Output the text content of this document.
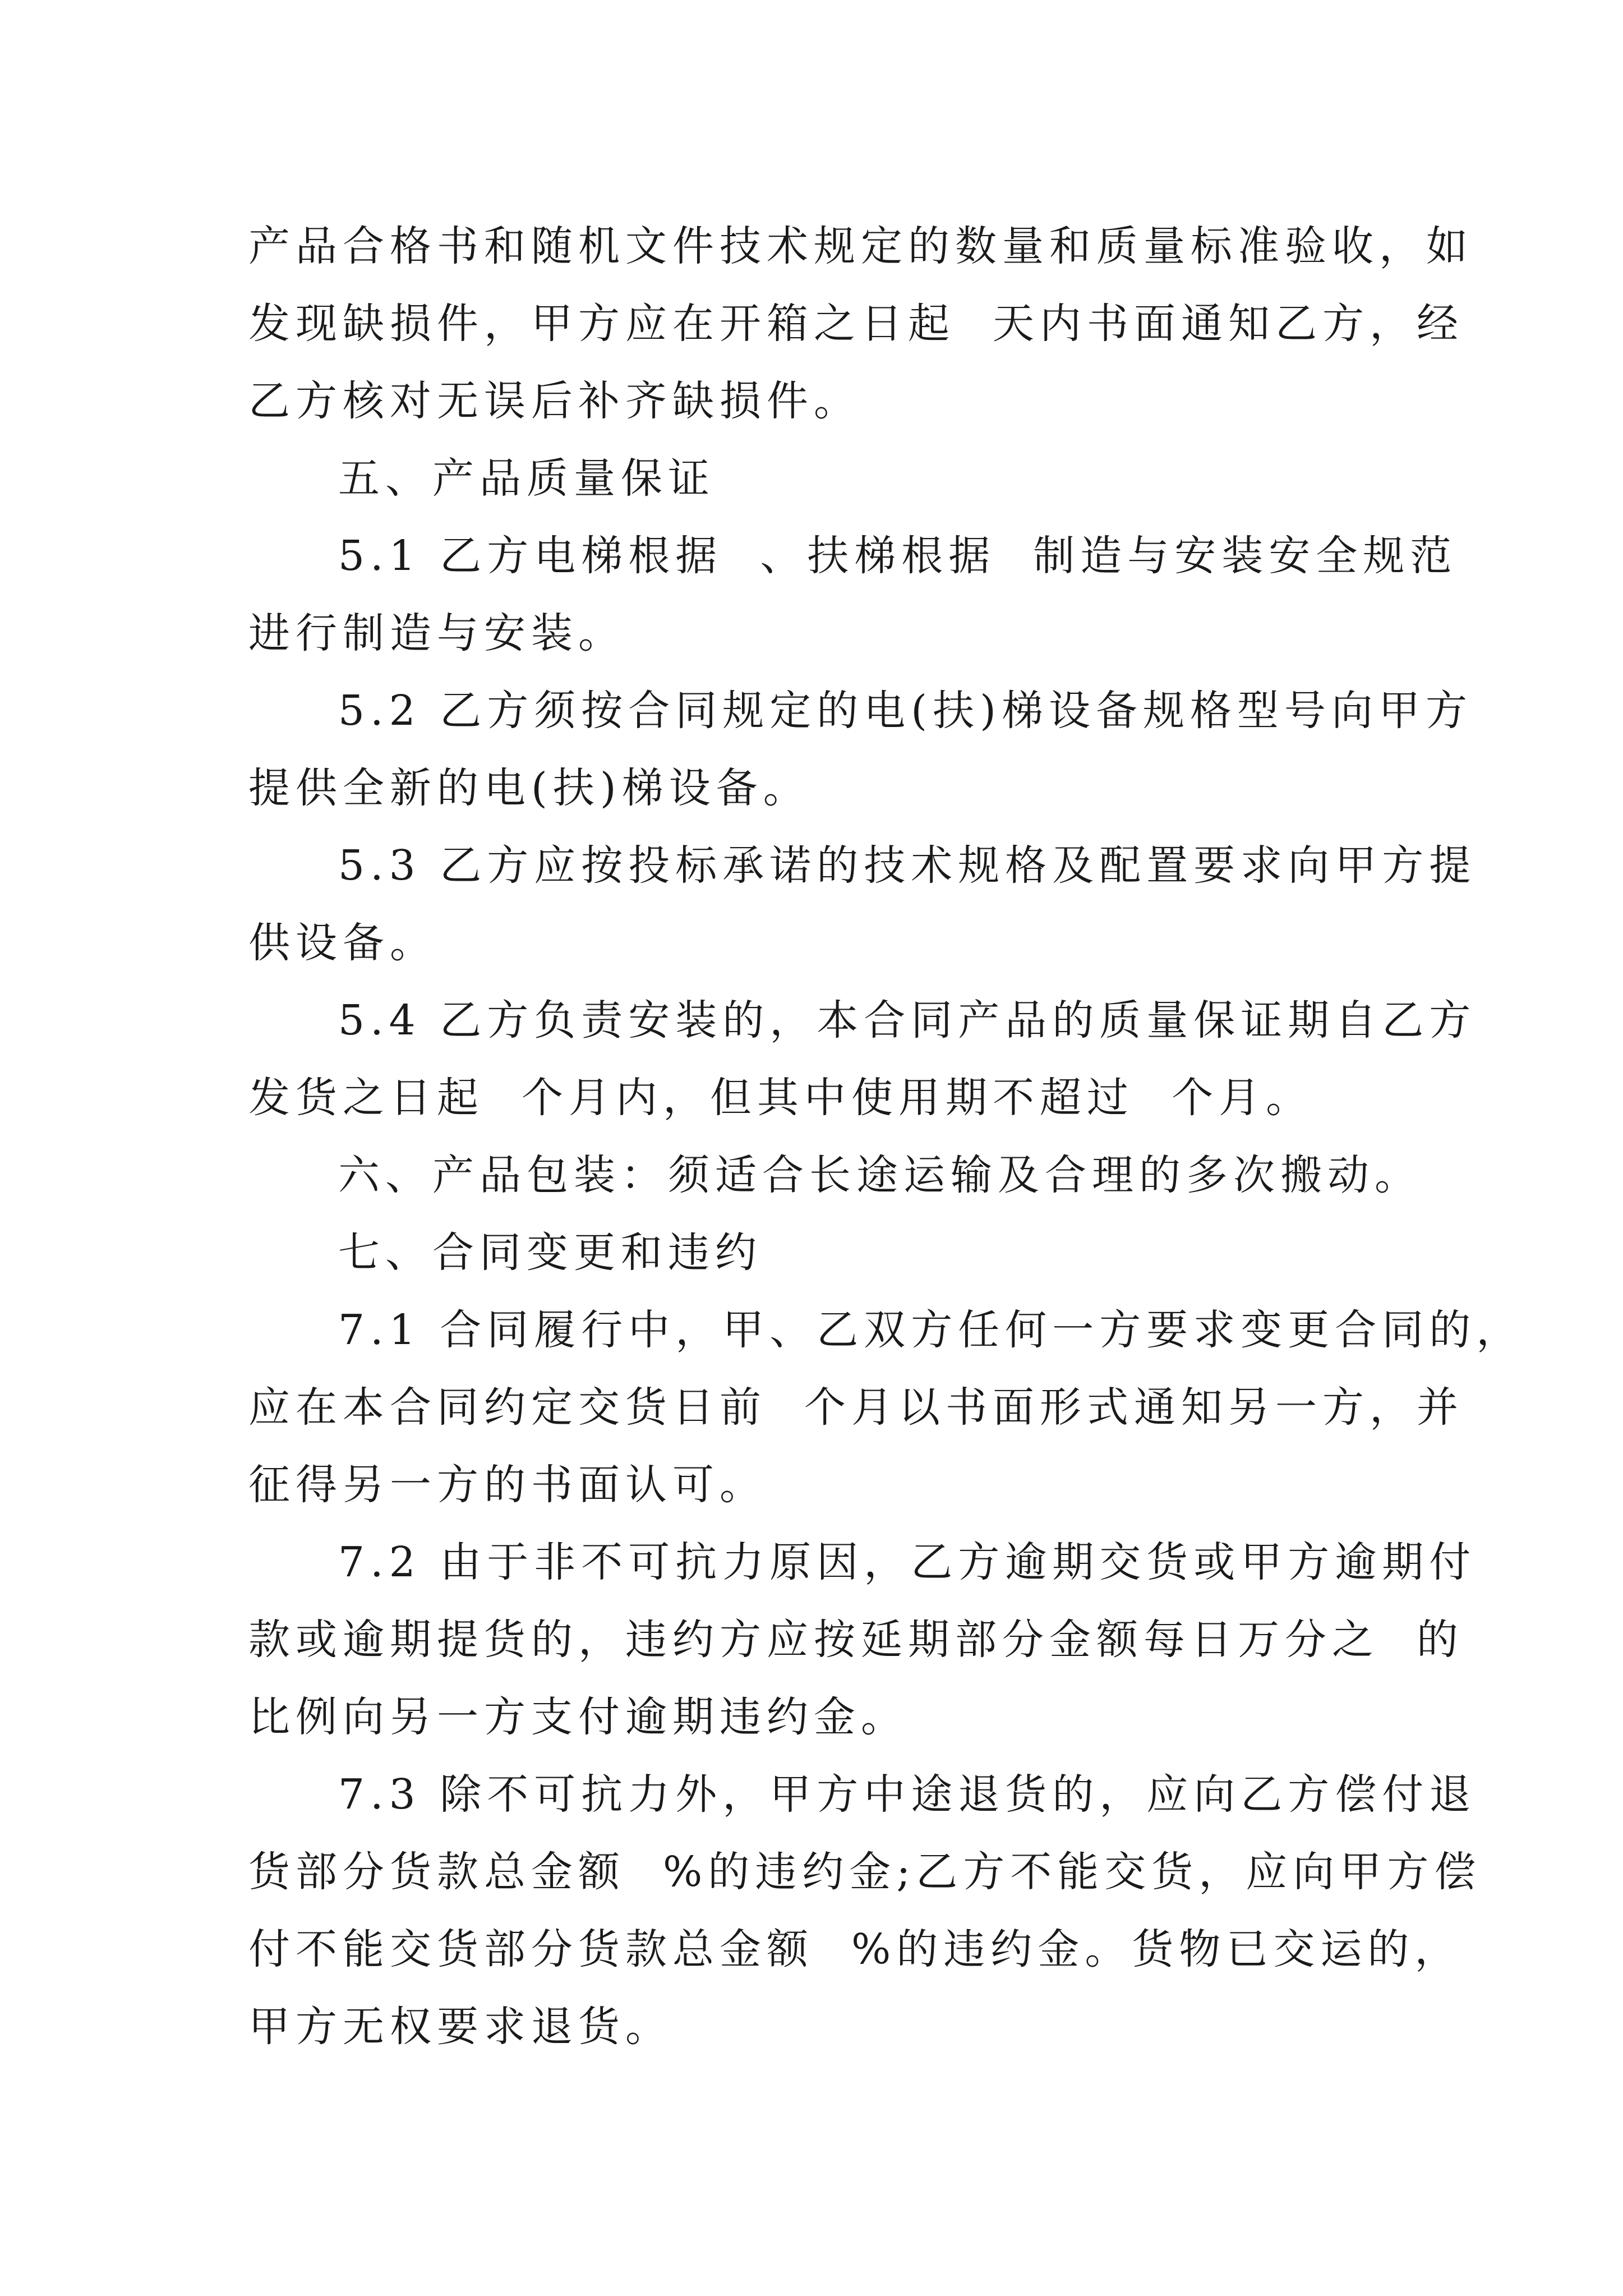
产品合格书和随机文件技术规定的数量和质量标准验收，如
发现缺损件，甲方应在开箱之日起  天内书面通知乙方，经
乙方核对无误后补齐缺损件。
五、产品质量保证
5.1 乙方电梯根据  、扶梯根据  制造与安装安全规范
进行制造与安装。
5.2 乙方须按合同规定的电(扶)梯设备规格型号向甲方
提供全新的电(扶)梯设备。
5.3 乙方应按投标承诺的技术规格及配置要求向甲方提
供设备。
5.4 乙方负责安装的，本合同产品的质量保证期自乙方
发货之日起  个月内，但其中使用期不超过  个月。
六、产品包装：须适合长途运输及合理的多次搬动。
七、合同变更和违约
7.1 合同履行中，甲、乙双方任何一方要求变更合同的，
应在本合同约定交货日前  个月以书面形式通知另一方，并
征得另一方的书面认可。
7.2 由于非不可抗力原因，乙方逾期交货或甲方逾期付
款或逾期提货的，违约方应按延期部分金额每日万分之  的
比例向另一方支付逾期违约金。
7.3 除不可抗力外，甲方中途退货的，应向乙方偿付退
货部分货款总金额  %的违约金;乙方不能交货，应向甲方偿
付不能交货部分货款总金额  %的违约金。货物已交运的，
甲方无权要求退货。
